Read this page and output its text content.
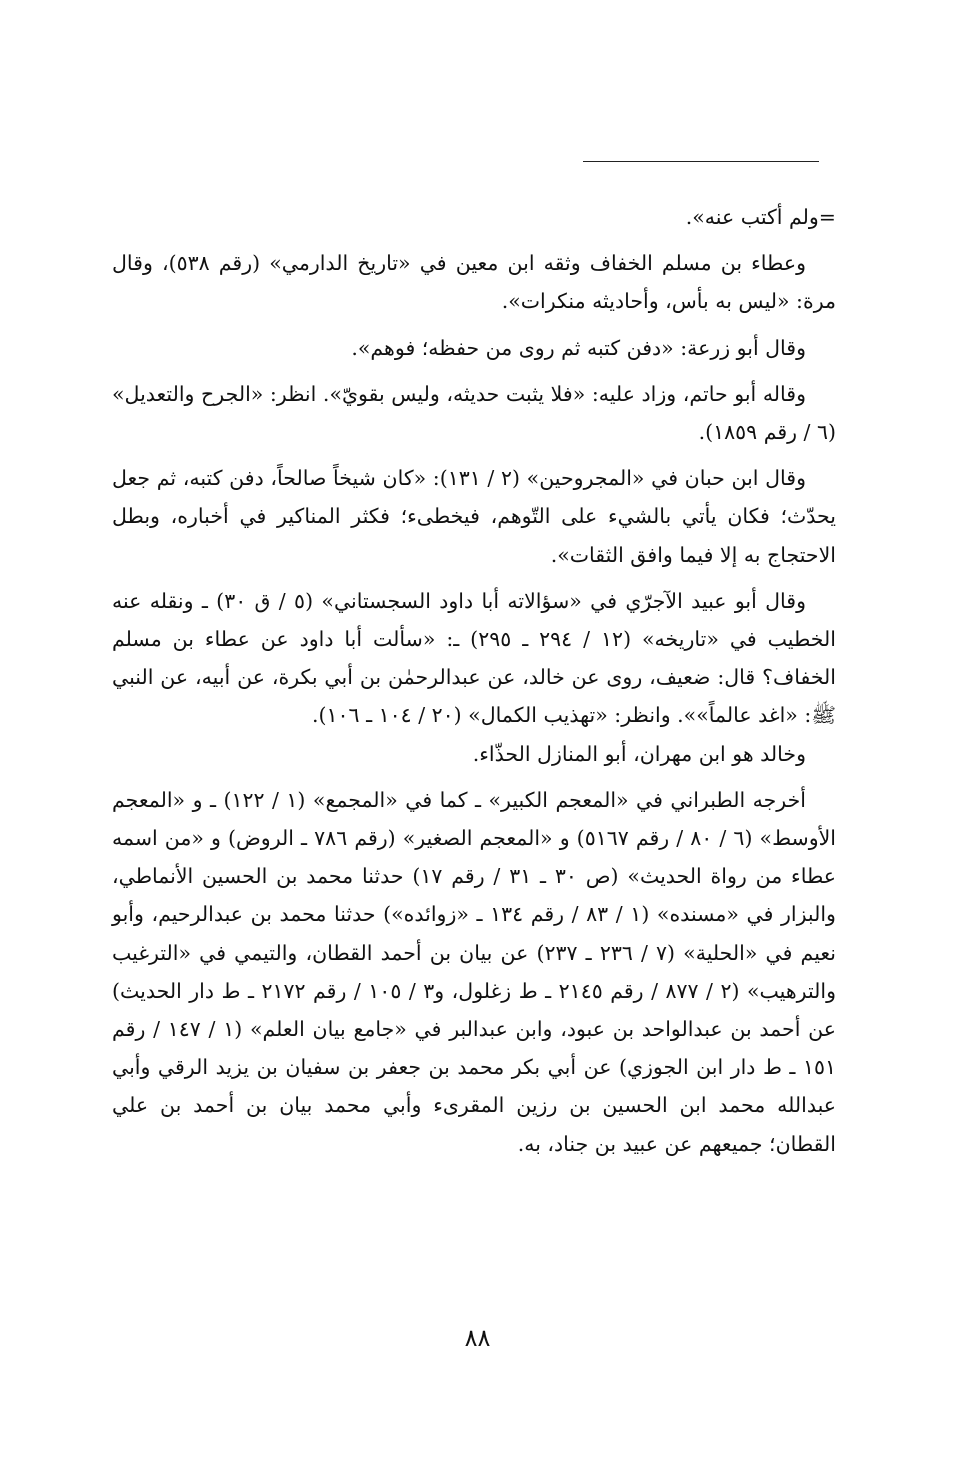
=ولم أكتب عنه».

وعطاء بن مسلم الخفاف وثقه ابن معين في «تاريخ الدارمي» (رقم ٥٣٨)، وقال مرة: «ليس به بأس، وأحاديثه منكرات».

وقال أبو زرعة: «دفن كتبه ثم روى من حفظه؛ فوهم».

وقاله أبو حاتم، وزاد عليه: «فلا يثبت حديثه، وليس بقويّ». انظر: «الجرح والتعديل» (٦ / رقم ١٨٥٩).

وقال ابن حبان في «المجروحين» (٢ / ١٣١): «كان شيخاً صالحاً، دفن كتبه، ثم جعل يحدّث؛ فكان يأتي بالشيء على التّوهم، فيخطىء؛ فكثر المناكير في أخباره، وبطل الاحتجاج به إلا فيما وافق الثقات».

وقال أبو عبيد الآجرّي في «سؤالاته أبا داود السجستاني» (٥ / ق ٣٠) ـ ونقله عنه الخطيب في «تاريخه» (١٢ / ٢٩٤ ـ ٢٩٥) ـ: «سألت أبا داود عن عطاء بن مسلم الخفاف؟ قال: ضعيف، روى عن خالد، عن عبدالرحمٰن بن أبي بكرة، عن أبيه، عن النبي ﷺ: «اغد عالماً»». وانظر: «تهذيب الكمال» (٢٠ / ١٠٤ ـ ١٠٦).

وخالد هو ابن مهران، أبو المنازل الحذّاء.

أخرجه الطبراني في «المعجم الكبير» ـ كما في «المجمع» (١ / ١٢٢) ـ و «المعجم الأوسط» (٦ / ٨٠ / رقم ٥١٦٧) و «المعجم الصغير» (رقم ٧٨٦ ـ الروض) و «من اسمه عطاء من رواة الحديث» (ص ٣٠ ـ ٣١ / رقم ١٧) حدثنا محمد بن الحسين الأنماطي، والبزار في «مسنده» (١ / ٨٣ / رقم ١٣٤ ـ «زوائده») حدثنا محمد بن عبدالرحيم، وأبو نعيم في «الحلية» (٧ / ٢٣٦ ـ ٢٣٧) عن بيان بن أحمد القطان، والتيمي في «الترغيب والترهيب» (٢ / ٨٧٧ / رقم ٢١٤٥ ـ ط زغلول، و٣ / ١٠٥ / رقم ٢١٧٢ ـ ط دار الحديث) عن أحمد بن عبدالواحد بن عبود، وابن عبدالبر في «جامع بيان العلم» (١ / ١٤٧ / رقم ١٥١ ـ ط دار ابن الجوزي) عن أبي بكر محمد بن جعفر بن سفيان بن يزيد الرقي وأبي عبدالله محمد ابن الحسين بن رزين المقرىء وأبي محمد بيان بن أحمد بن علي القطان؛ جميعهم عن عبيد بن جناد، به.

٨٨
